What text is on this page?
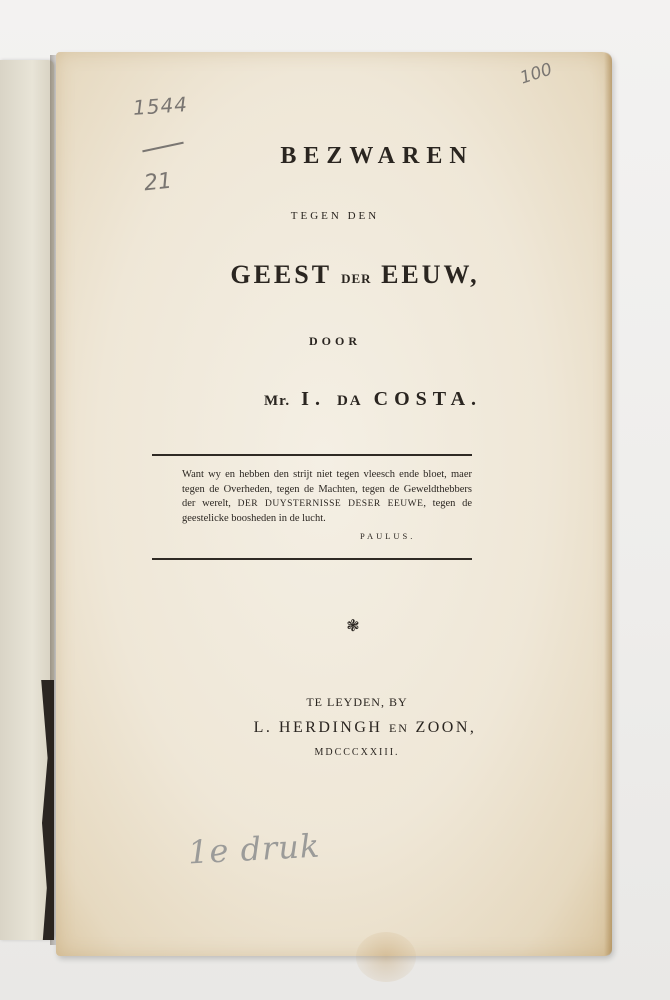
1544
21
100
1e druk
BEZWAREN
TEGEN DEN
GEEST DER EEUW,
DOOR
Mr. I. DA COSTA.
Want wy en hebben den strijt niet tegen vleesch ende bloet, maer tegen de Overheden, tegen de Machten, tegen de Geweldthebbers der werelt, DER DUYSTERNISSE DESER EEUWE, tegen de geestelicke boosheden in de lucht.
PAULUS.
❃
TE LEYDEN, BY
L. HERDINGH EN ZOON,
MDCCCXXIII.
